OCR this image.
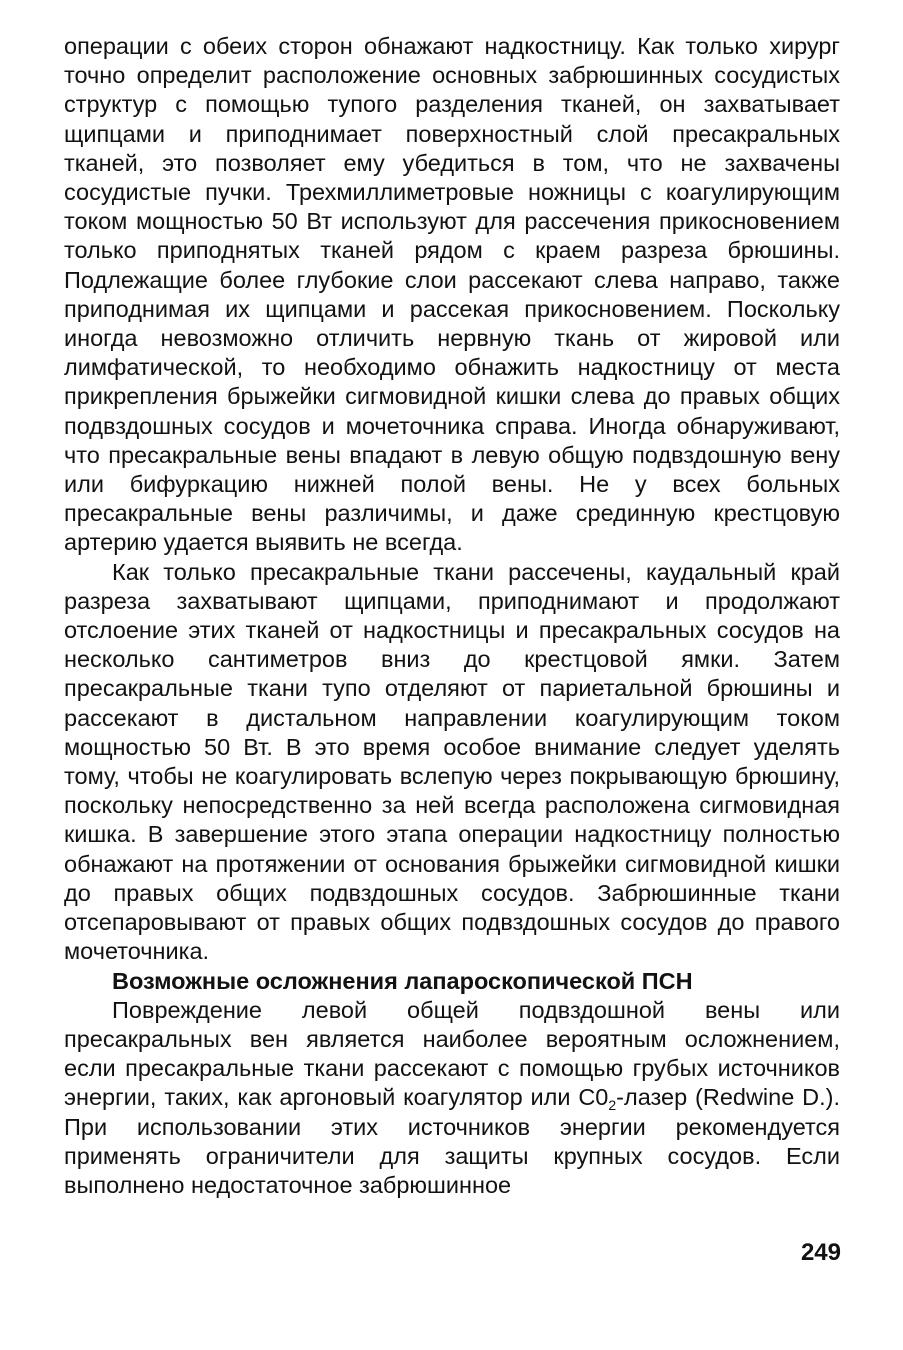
операции с обеих сторон обнажают надкостницу. Как только хирург точно определит расположение основных забрюшинных сосудистых структур с помощью тупого разделения тканей, он захватывает щипцами и приподнимает поверхностный слой пресакральных тканей, это позволяет ему убедиться в том, что не захвачены сосудистые пучки. Трехмиллиметровые ножницы с коагулирующим током мощностью 50 Вт используют для рассечения прикосновением только приподнятых тканей рядом с краем разреза брюшины. Подлежащие более глубокие слои рассекают слева направо, также приподнимая их щипцами и рассекая прикосновением. Поскольку иногда невозможно отличить нервную ткань от жировой или лимфатической, то необходимо обнажить надкостницу от места прикрепления брыжейки сигмовидной кишки слева до правых общих подвздошных сосудов и мочеточника справа. Иногда обнаруживают, что пресакральные вены впадают в левую общую подвздошную вену или бифуркацию нижней полой вены. Не у всех больных пресакральные вены различимы, и даже срединную крестцовую артерию удается выявить не всегда.

Как только пресакральные ткани рассечены, каудальный край разреза захватывают щипцами, приподнимают и продолжают отслоение этих тканей от надкостницы и пресакральных сосудов на несколько сантиметров вниз до крестцовой ямки. Затем пресакральные ткани тупо отделяют от париетальной брюшины и рассекают в дистальном направлении коагулирующим током мощностью 50 Вт. В это время особое внимание следует уделять тому, чтобы не коагулировать вслепую через покрывающую брюшину, поскольку непосредственно за ней всегда расположена сигмовидная кишка. В завершение этого этапа операции надкостницу полностью обнажают на протяжении от основания брыжейки сигмовидной кишки до правых общих подвздошных сосудов. Забрюшинные ткани отсепаровывают от правых общих подвздошных сосудов до правого мочеточника.

Возможные осложнения лапароскопической ПСН

Повреждение левой общей подвздошной вены или пресакральных вен является наиболее вероятным осложнением, если пресакральные ткани рассекают с помощью грубых источников энергии, таких, как аргоновый коагулятор или $С0_2$-лазер (Redwine D.). При использовании этих источников энергии рекомендуется применять ограничители для защиты крупных сосудов. Если выполнено недостаточное забрюшинное

249
